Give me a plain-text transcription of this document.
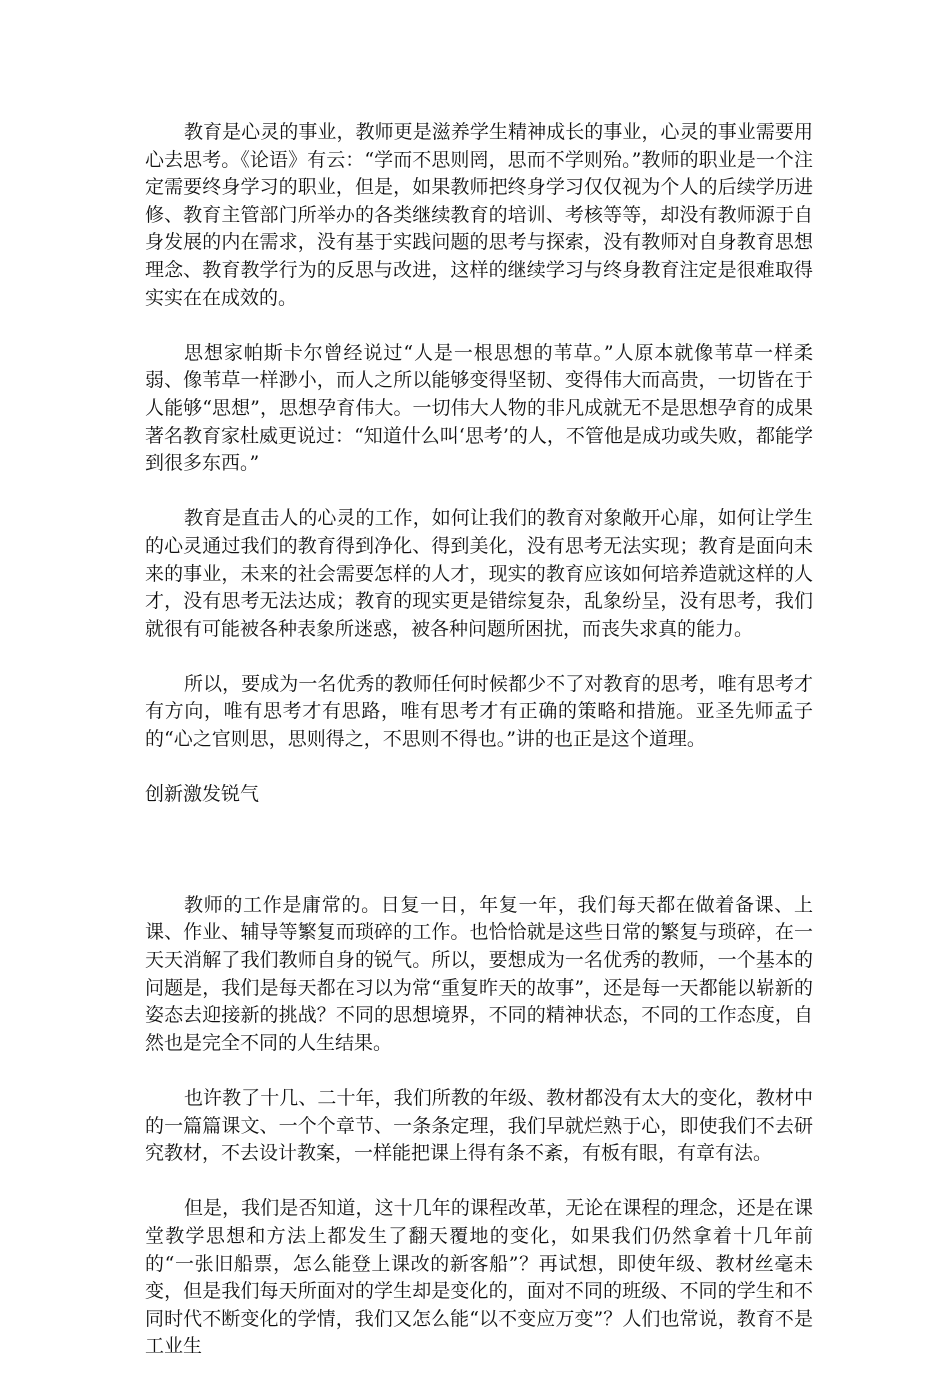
教育是心灵的事业，教师更是滋养学生精神成长的事业，心灵的事业需要用心去思考。《论语》有云：“学而不思则罔，思而不学则殆。”教师的职业是一个注定需要终身学习的职业，但是，如果教师把终身学习仅仅视为个人的后续学历进修、教育主管部门所举办的各类继续教育的培训、考核等等，却没有教师源于自身发展的内在需求，没有基于实践问题的思考与探索，没有教师对自身教育思想理念、教育教学行为的反思与改进，这样的继续学习与终身教育注定是很难取得实实在在成效的。

思想家帕斯卡尔曾经说过“人是一根思想的苇草。”人原本就像苇草一样柔弱、像苇草一样渺小，而人之所以能够变得坚韧、变得伟大而高贵，一切皆在于人能够“思想”，思想孕育伟大。一切伟大人物的非凡成就无不是思想孕育的成果著名教育家杜威更说过：“知道什么叫‘思考’的人，不管他是成功或失败，都能学到很多东西。”

教育是直击人的心灵的工作，如何让我们的教育对象敞开心扉，如何让学生的心灵通过我们的教育得到净化、得到美化，没有思考无法实现；教育是面向未来的事业，未来的社会需要怎样的人才，现实的教育应该如何培养造就这样的人才，没有思考无法达成；教育的现实更是错综复杂，乱象纷呈，没有思考，我们就很有可能被各种表象所迷惑，被各种问题所困扰，而丧失求真的能力。

所以，要成为一名优秀的教师任何时候都少不了对教育的思考，唯有思考才有方向，唯有思考才有思路，唯有思考才有正确的策略和措施。亚圣先师孟子的“心之官则思，思则得之，不思则不得也。”讲的也正是这个道理。

创新激发锐气

教师的工作是庸常的。日复一日，年复一年，我们每天都在做着备课、上课、作业、辅导等繁复而琐碎的工作。也恰恰就是这些日常的繁复与琐碎，在一天天消解了我们教师自身的锐气。所以，要想成为一名优秀的教师，一个基本的问题是，我们是每天都在习以为常“重复昨天的故事”，还是每一天都能以崭新的姿态去迎接新的挑战？不同的思想境界，不同的精神状态，不同的工作态度，自然也是完全不同的人生结果。

也许教了十几、二十年，我们所教的年级、教材都没有太大的变化，教材中的一篇篇课文、一个个章节、一条条定理，我们早就烂熟于心，即使我们不去研究教材，不去设计教案，一样能把课上得有条不紊，有板有眼，有章有法。

但是，我们是否知道，这十几年的课程改革，无论在课程的理念，还是在课堂教学思想和方法上都发生了翻天覆地的变化，如果我们仍然拿着十几年前的“一张旧船票，怎么能登上课改的新客船”？再试想，即使年级、教材丝毫未变，但是我们每天所面对的学生却是变化的，面对不同的班级、不同的学生和不同时代不断变化的学情，我们又怎么能“以不变应万变”？人们也常说，教育不是工业生
